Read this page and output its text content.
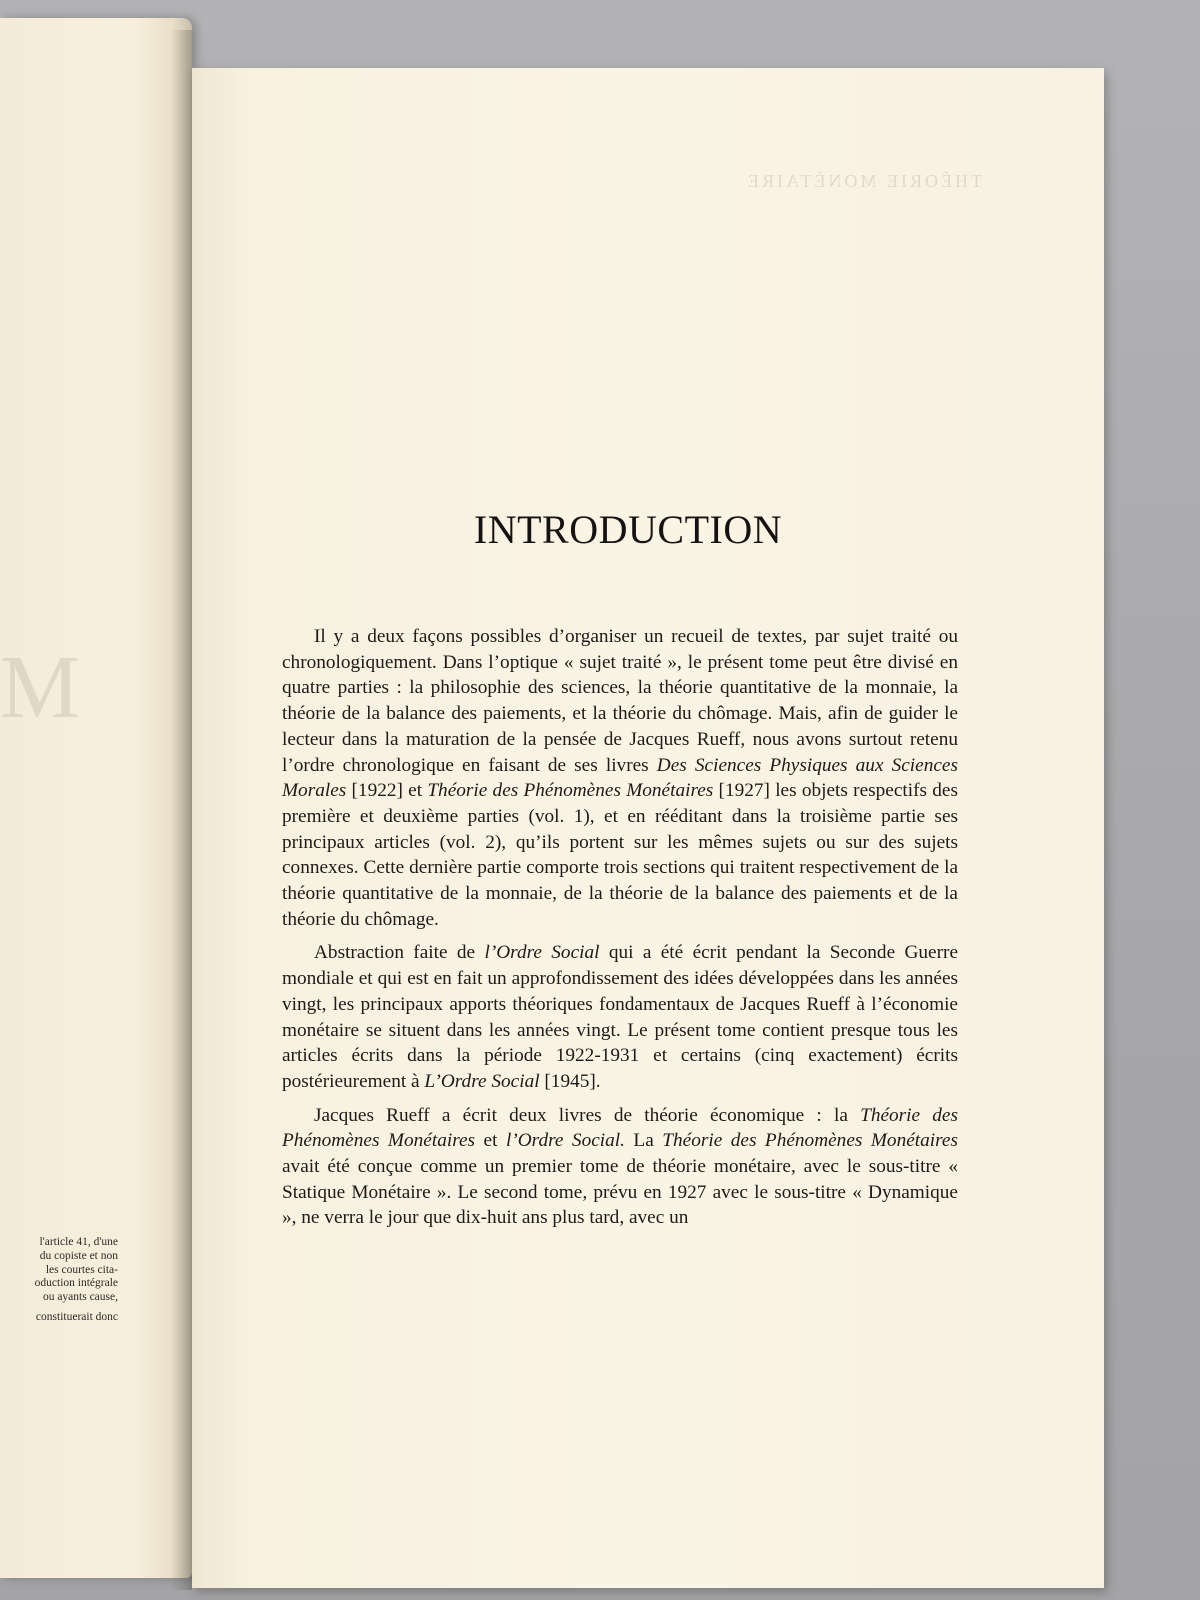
M
l'article 41, d'une
du copiste et non
les courtes cita-
oduction intégrale
ou ayants cause,
constituerait donc
THÉORIE MONÉTAIRE
INTRODUCTION

Il y a deux façons possibles d’organiser un recueil de textes, par sujet traité ou chronologiquement. Dans l’optique « sujet traité », le présent tome peut être divisé en quatre parties : la philosophie des sciences, la théorie quantitative de la monnaie, la théorie de la balance des paiements, et la théorie du chômage. Mais, afin de guider le lecteur dans la maturation de la pensée de Jacques Rueff, nous avons surtout retenu l’ordre chronologique en faisant de ses livres Des Sciences Physiques aux Sciences Morales [1922] et Théorie des Phénomènes Monétaires [1927] les objets respectifs des première et deuxième parties (vol. 1), et en rééditant dans la troisième partie ses principaux articles (vol. 2), qu’ils portent sur les mêmes sujets ou sur des sujets connexes. Cette dernière partie comporte trois sections qui traitent respectivement de la théorie quantitative de la monnaie, de la théorie de la balance des paiements et de la théorie du chômage.

Abstraction faite de l’Ordre Social qui a été écrit pendant la Seconde Guerre mondiale et qui est en fait un approfondissement des idées développées dans les années vingt, les principaux apports théoriques fondamentaux de Jacques Rueff à l’économie monétaire se situent dans les années vingt. Le présent tome contient presque tous les articles écrits dans la période 1922-1931 et certains (cinq exactement) écrits postérieurement à L’Ordre Social [1945].

Jacques Rueff a écrit deux livres de théorie économique : la Théorie des Phénomènes Monétaires et l’Ordre Social. La Théorie des Phénomènes Monétaires avait été conçue comme un premier tome de théorie monétaire, avec le sous-titre « Statique Monétaire ». Le second tome, prévu en 1927 avec le sous-titre « Dynamique », ne verra le jour que dix-huit ans plus tard, avec un
